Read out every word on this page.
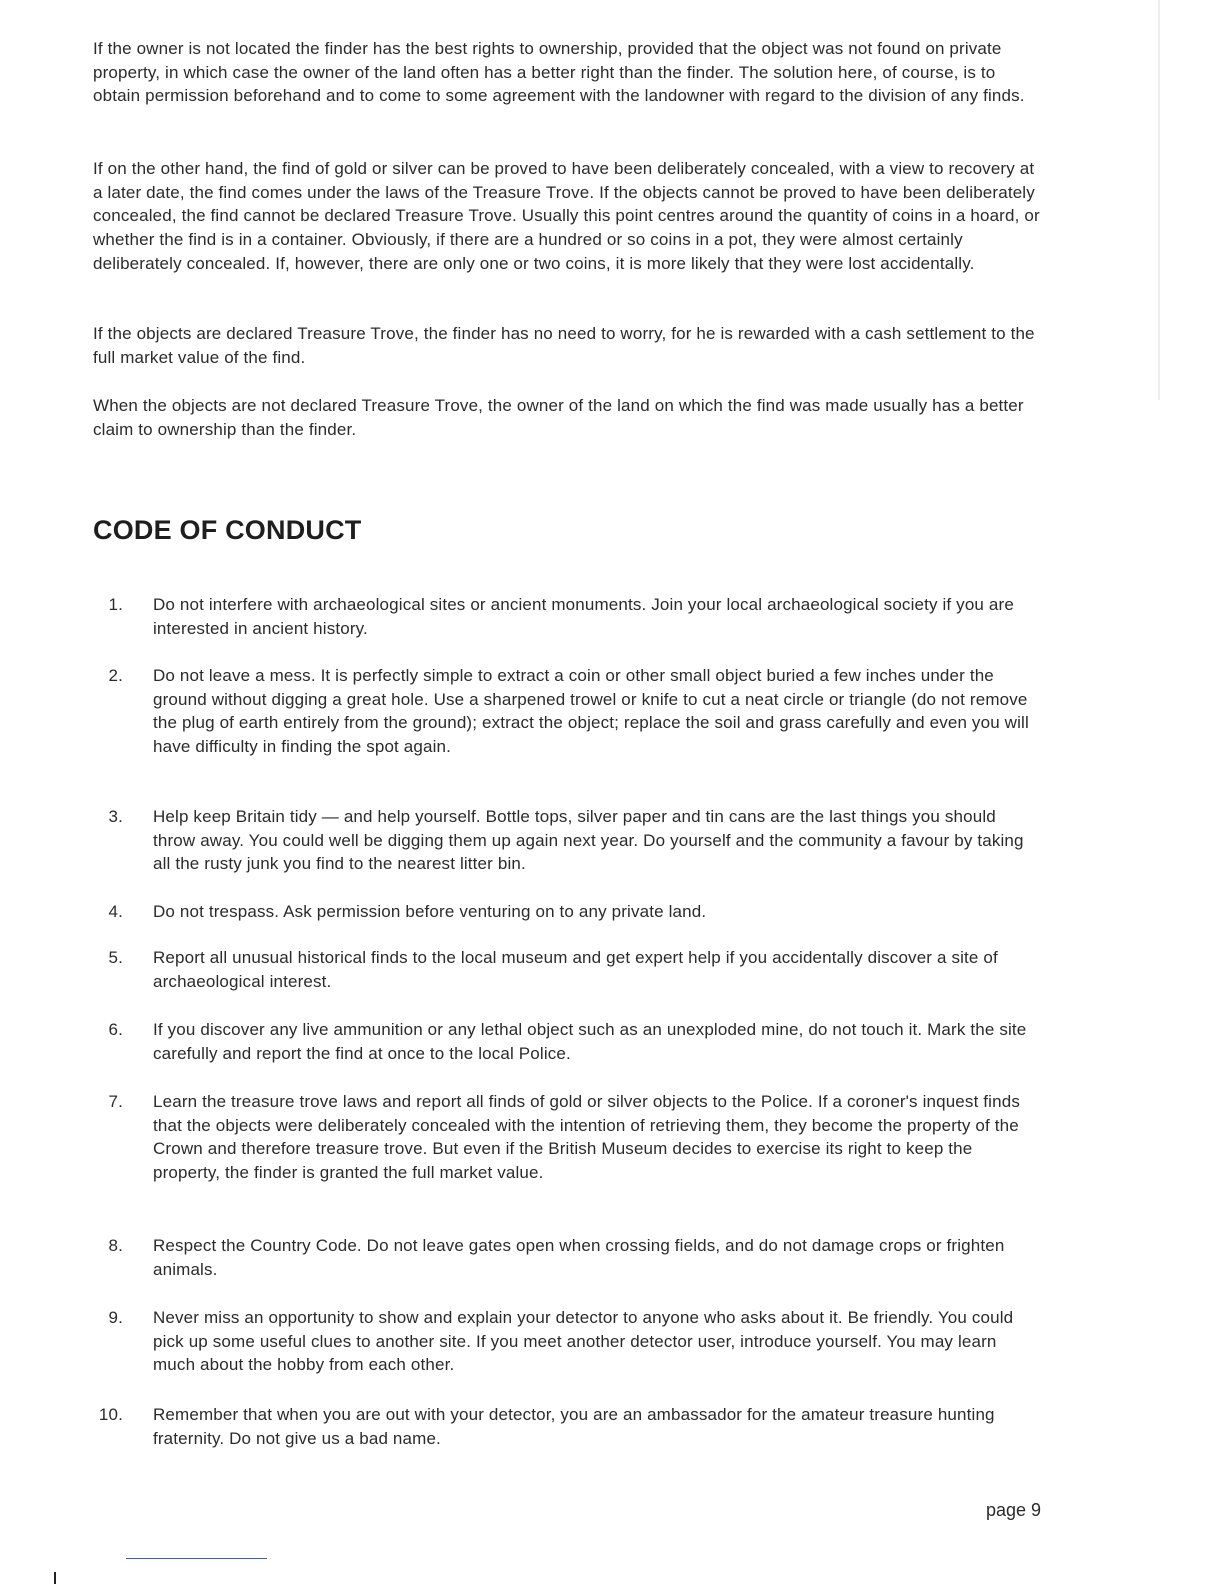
If the owner is not located the finder has the best rights to ownership, provided that the object was not found on private property, in which case the owner of the land often has a better right than the finder. The solution here, of course, is to obtain permission beforehand and to come to some agreement with the landowner with regard to the division of any finds.

If on the other hand, the find of gold or silver can be proved to have been deliberately concealed, with a view to recovery at a later date, the find comes under the laws of the Treasure Trove. If the objects cannot be proved to have been deliberately concealed, the find cannot be declared Treasure Trove. Usually this point centres around the quantity of coins in a hoard, or whether the find is in a container. Obviously, if there are a hundred or so coins in a pot, they were almost certainly deliberately concealed. If, however, there are only one or two coins, it is more likely that they were lost accidentally.

If the objects are declared Treasure Trove, the finder has no need to worry, for he is rewarded with a cash settlement to the full market value of the find.

When the objects are not declared Treasure Trove, the owner of the land on which the find was made usually has a better claim to ownership than the finder.

CODE OF CONDUCT
1. Do not interfere with archaeological sites or ancient monuments. Join your local archaeological society if you are interested in ancient history.
2. Do not leave a mess. It is perfectly simple to extract a coin or other small object buried a few inches under the ground without digging a great hole. Use a sharpened trowel or knife to cut a neat circle or triangle (do not remove the plug of earth entirely from the ground); extract the object; replace the soil and grass carefully and even you will have difficulty in finding the spot again.
3. Help keep Britain tidy — and help yourself. Bottle tops, silver paper and tin cans are the last things you should throw away. You could well be digging them up again next year. Do yourself and the community a favour by taking all the rusty junk you find to the nearest litter bin.
4. Do not trespass. Ask permission before venturing on to any private land.
5. Report all unusual historical finds to the local museum and get expert help if you accidentally discover a site of archaeological interest.
6. If you discover any live ammunition or any lethal object such as an unexploded mine, do not touch it. Mark the site carefully and report the find at once to the local Police.
7. Learn the treasure trove laws and report all finds of gold or silver objects to the Police. If a coroner's inquest finds that the objects were deliberately concealed with the intention of retrieving them, they become the property of the Crown and therefore treasure trove. But even if the British Museum decides to exercise its right to keep the property, the finder is granted the full market value.
8. Respect the Country Code. Do not leave gates open when crossing fields, and do not damage crops or frighten animals.
9. Never miss an opportunity to show and explain your detector to anyone who asks about it. Be friendly. You could pick up some useful clues to another site. If you meet another detector user, introduce yourself. You may learn much about the hobby from each other.
10. Remember that when you are out with your detector, you are an ambassador for the amateur treasure hunting fraternity. Do not give us a bad name.
page 9
